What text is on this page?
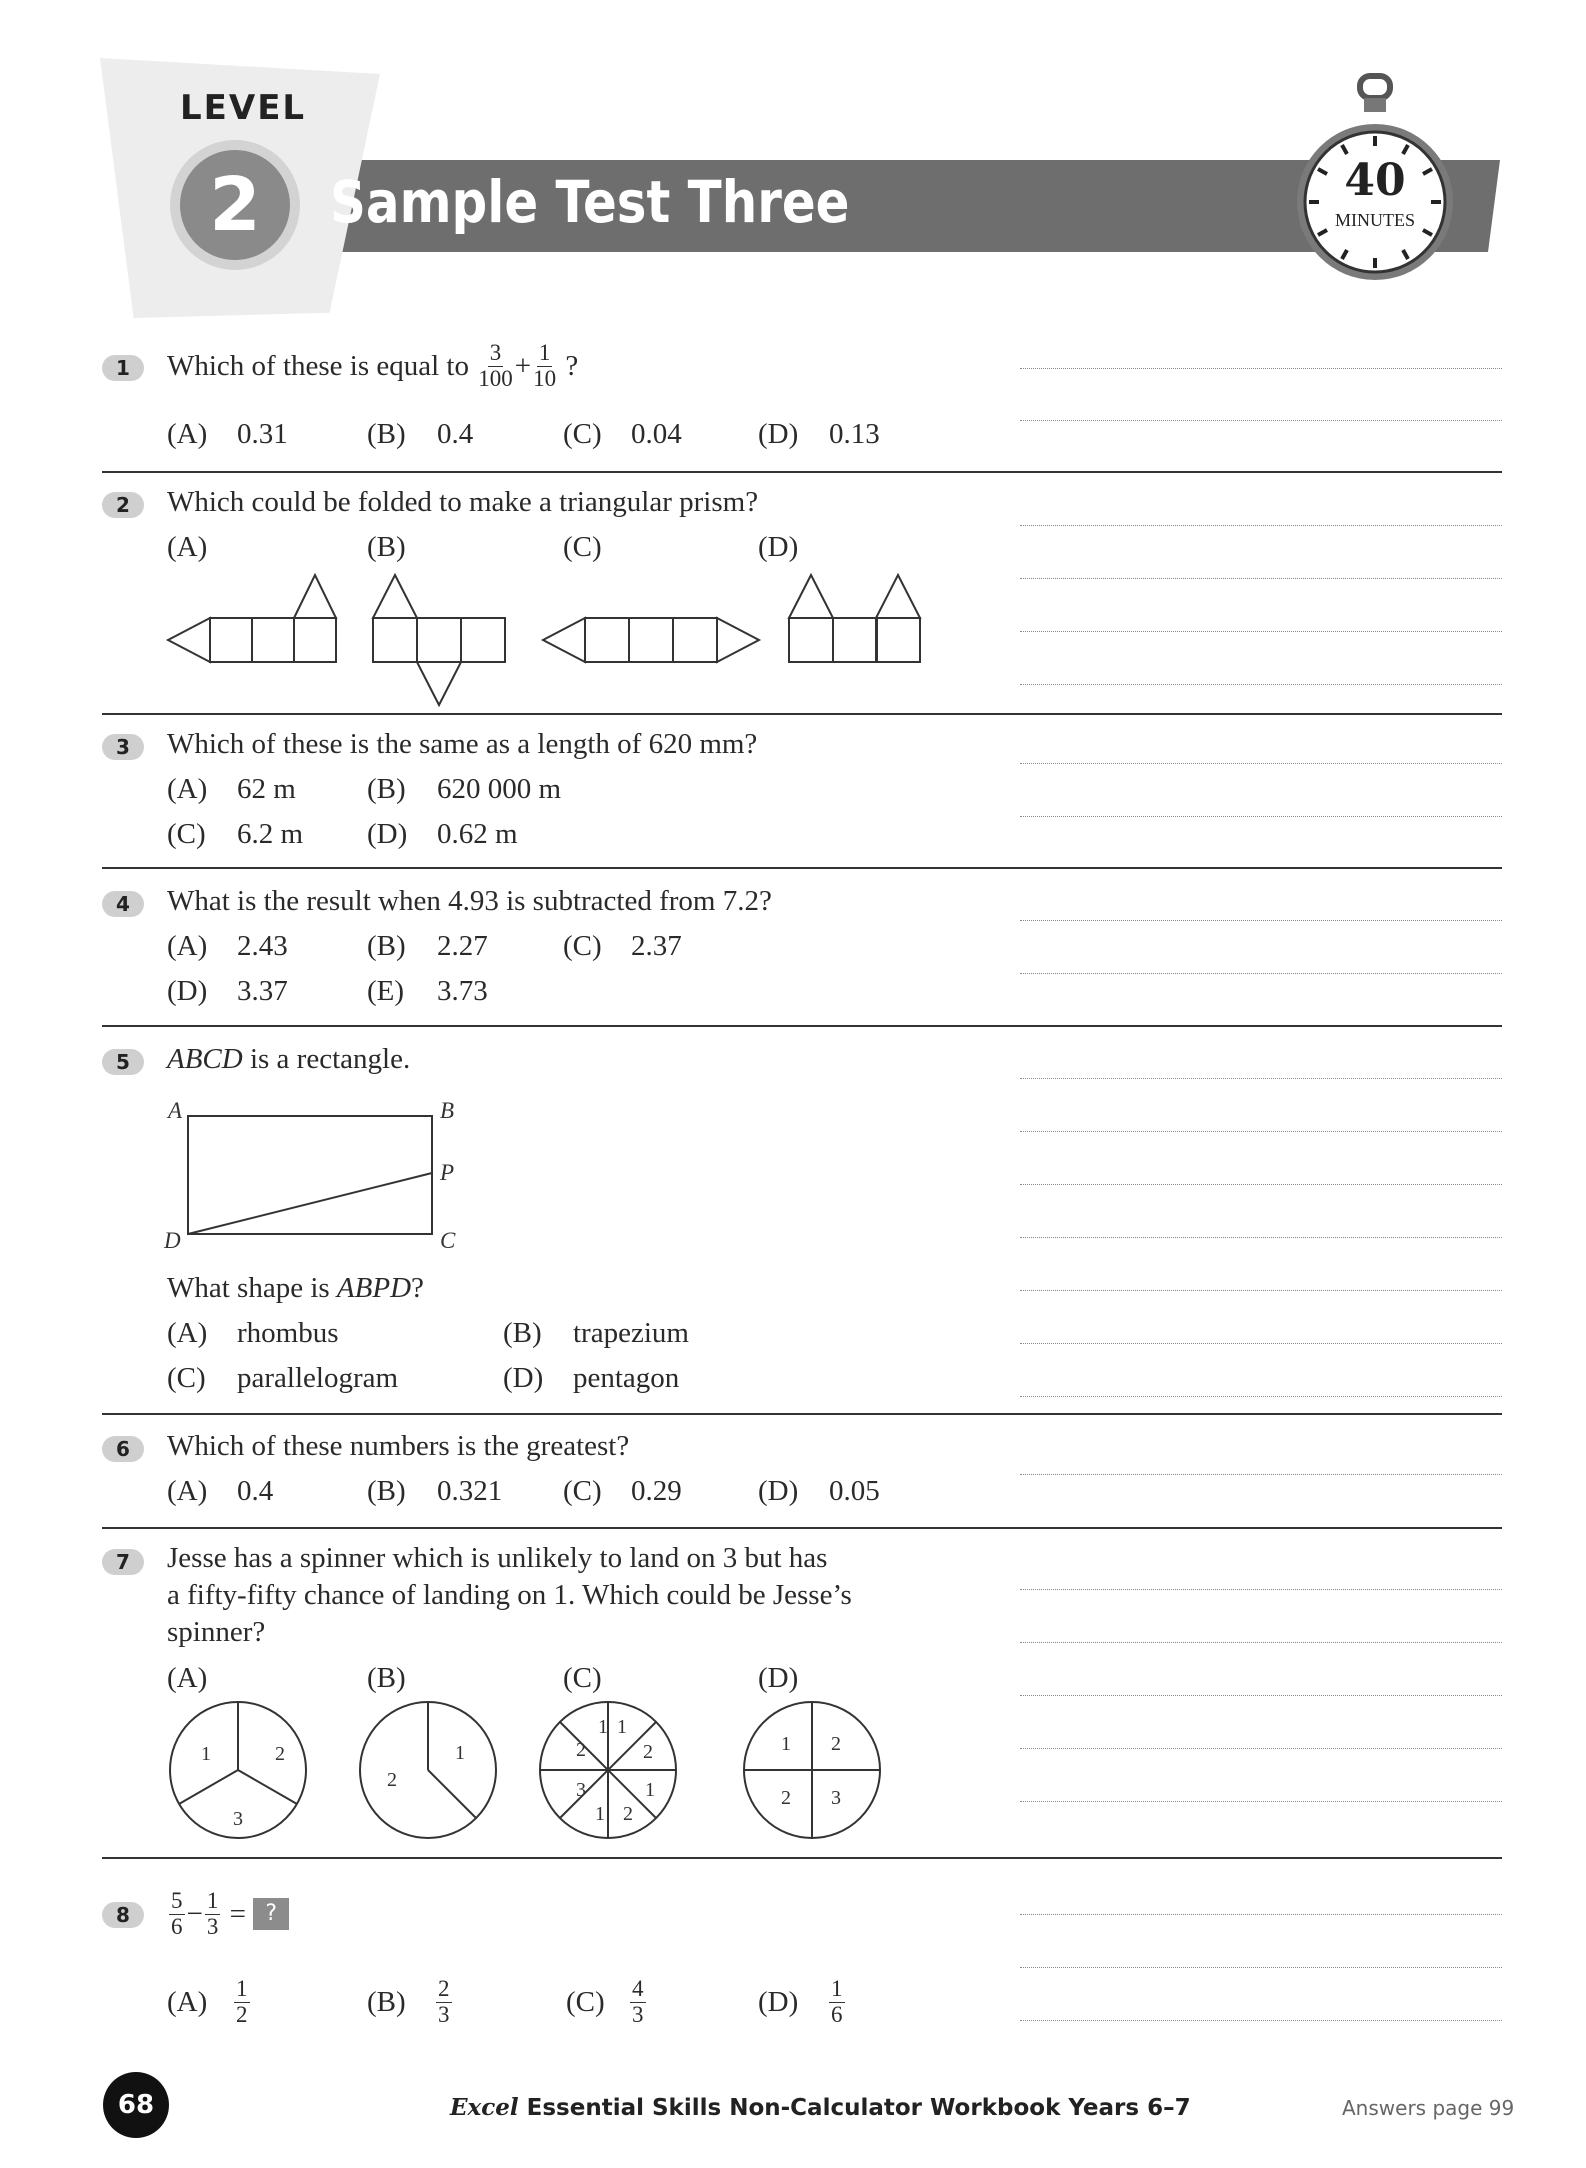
LEVEL
2	Sample Test Three	40
MINUTES
1	Which of these is equal to
$\frac{3}{100} + \frac{1}{10}$
?
(A) 0.31	(B) 0.4	(C) 0.04	(D) 0.13
2	Which could be folded to make a triangular prism?
(A)	(B)	(C)	(D)
3	Which of these is the same as a length of 620 mm?
(A) 62 m (B) 620 000 m
(C) 6.2 m (D) 0.62 m
4	What is the result when 4.93 is subtracted from 7.2?
(A) 2.43	(B) 2.27	(C) 2.37
(D) 3.37	(E) 3.73
5	ABCD is a rectangle.
A	B
P
C
D
What shape is ABPD?
(A) rhombus	(B) trapezium
(C) parallelogram	(D) pentagon
6	Which of these numbers is the greatest?
(A) 0.4	(B) 0.321 (C) 0.29	(D) 0.05
7	Jesse has a spinner which is unlikely to land on 3 but has
a fifty-fifty chance of landing on 1. Which could be Jesse’s
spinner?
(A)	(B)	(C)	(D)
1	2
3
1
2
1
2
1
2
1
3
2
1
1 2
2 3
8	$\frac{5}{6} - \frac{1}{3}$
=
?
$(A) \frac{1}{2}$	$(B) \frac{2}{3}$	$(C) \frac{4}{3}$	$(D) \frac{1}{6}$
68	Excel Essential Skills Non-Calculator Workbook Years 6–7	Answers page 99
